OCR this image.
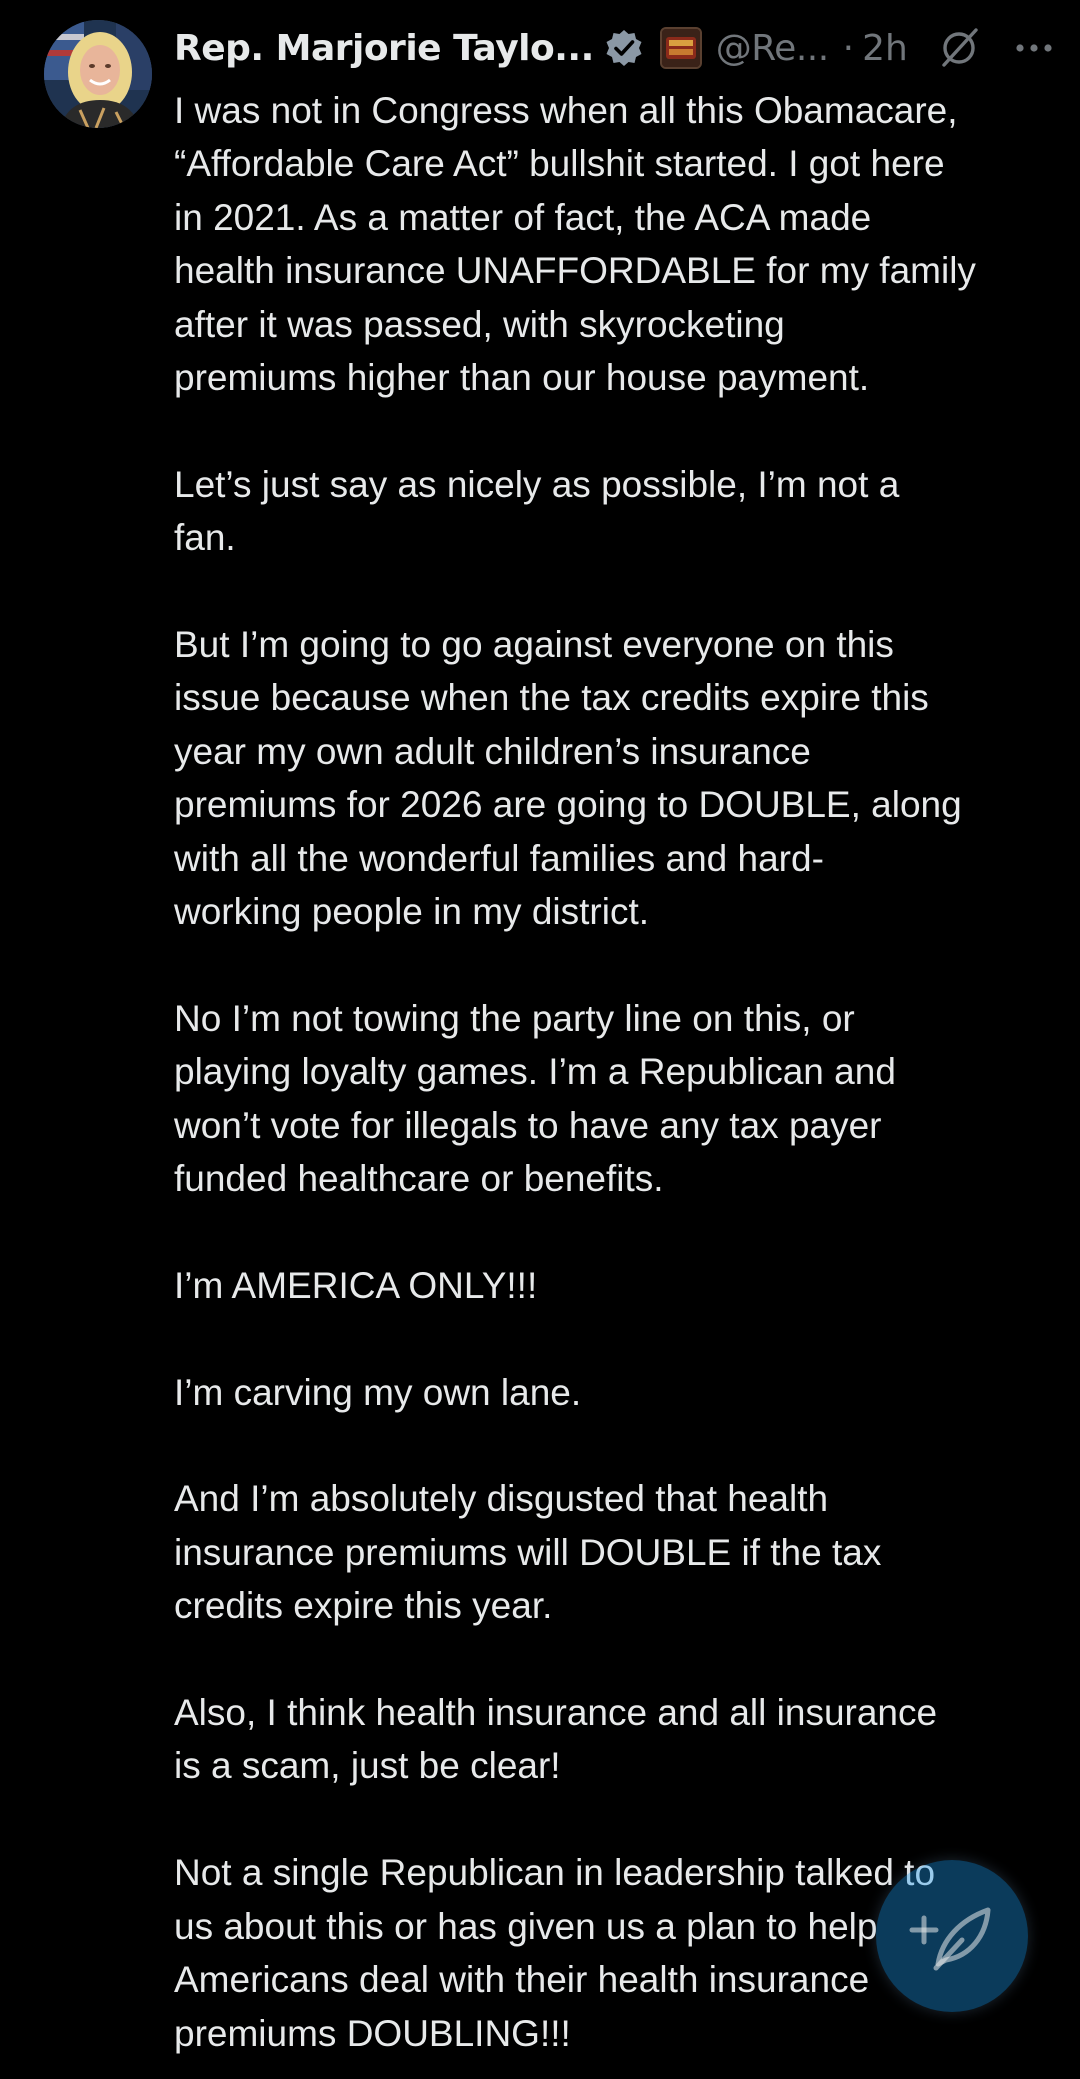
Rep. Marjorie Taylo...	@Re... · 2h
I was not in Congress when all this Obamacare,
“Affordable Care Act” bullshit started. I got here
in 2021. As a matter of fact, the ACA made
health insurance UNAFFORDABLE for my family
after it was passed, with skyrocketing
premiums higher than our house payment.
Let’s just say as nicely as possible, I’m not a
fan.
But I’m going to go against everyone on this
issue because when the tax credits expire this
year my own adult children’s insurance
premiums for 2026 are going to DOUBLE, along
with all the wonderful families and hard-
working people in my district.
No I’m not towing the party line on this, or
playing loyalty games. I’m a Republican and
won’t vote for illegals to have any tax payer
funded healthcare or benefits.
I’m AMERICA ONLY!!!
I’m carving my own lane.
And I’m absolutely disgusted that health
insurance premiums will DOUBLE if the tax
credits expire this year.
Also, I think health insurance and all insurance
is a scam, just be clear!
Not a single Republican in leadership talked to
us about this or has given us a plan to help
Americans deal with their health insurance
premiums DOUBLING!!!
